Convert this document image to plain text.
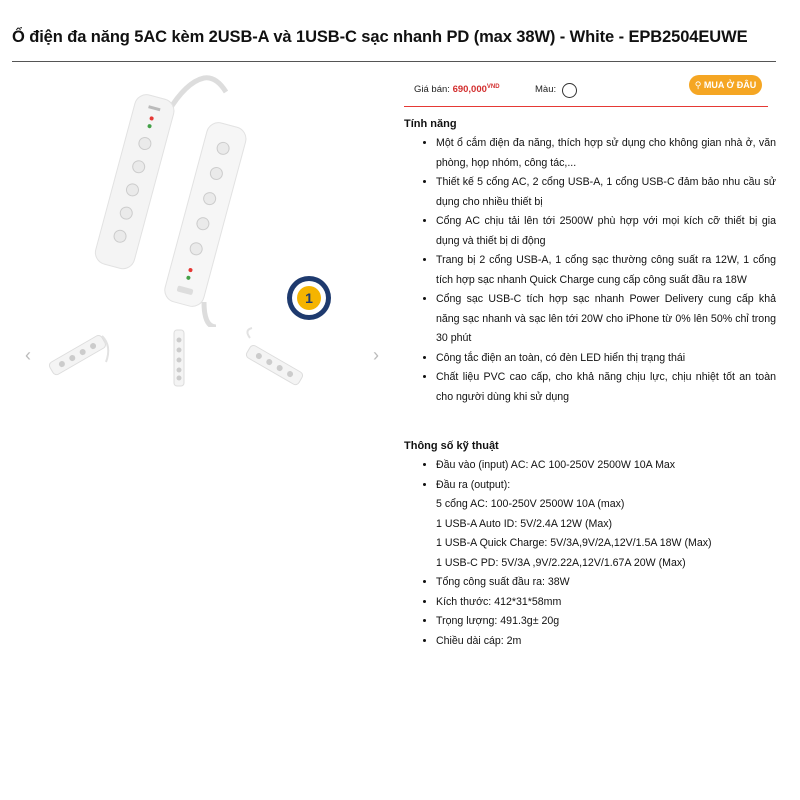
Ổ điện đa năng 5AC kèm 2USB-A và 1USB-C sạc nhanh PD (max 38W) - White - EPB2504EUWE
1
‹	›
Giá bán: $690,000^{VND}$	Màu:	⚲ MUA Ở ĐÂU
Tính năng
• Một ổ cắm điện đa năng, thích hợp sử dụng cho không gian nhà ở, văn phòng, họp nhóm, công tác,...
• Thiết kế 5 cổng AC, 2 cổng USB-A, 1 cổng USB-C đảm bảo nhu cầu sử dụng cho nhiều thiết bị
• Cổng AC chịu tải lên tới 2500W phù hợp với mọi kích cỡ thiết bị gia dụng và thiết bị di động
• Trang bị 2 cổng USB-A, 1 cổng sạc thường công suất ra 12W, 1 cổng tích hợp sạc nhanh Quick Charge cung cấp công suất đầu ra 18W
• Cổng sạc USB-C tích hợp sạc nhanh Power Delivery cung cấp khả năng sạc nhanh và sạc lên tới 20W cho iPhone từ 0% lên 50% chỉ trong 30 phút
• Công tắc điện an toàn, có đèn LED hiển thị trạng thái
• Chất liệu PVC cao cấp, cho khả năng chịu lực, chịu nhiệt tốt an toàn cho người dùng khi sử dụng
Thông số kỹ thuật
• Đầu vào (input) AC: AC 100-250V 2500W 10A Max
• Đầu ra (output):
5 cổng AC: 100-250V 2500W 10A (max)
1 USB-A Auto ID: 5V/2.4A 12W (Max)
1 USB-A Quick Charge: 5V/3A,9V/2A,12V/1.5A 18W (Max)
1 USB-C PD: 5V/3A ,9V/2.22A,12V/1.67A 20W (Max)
• Tổng công suất đầu ra: 38W
• Kích thước: 412*31*58mm
• Trọng lượng: 491.3g± 20g
• Chiều dài cáp: 2m
